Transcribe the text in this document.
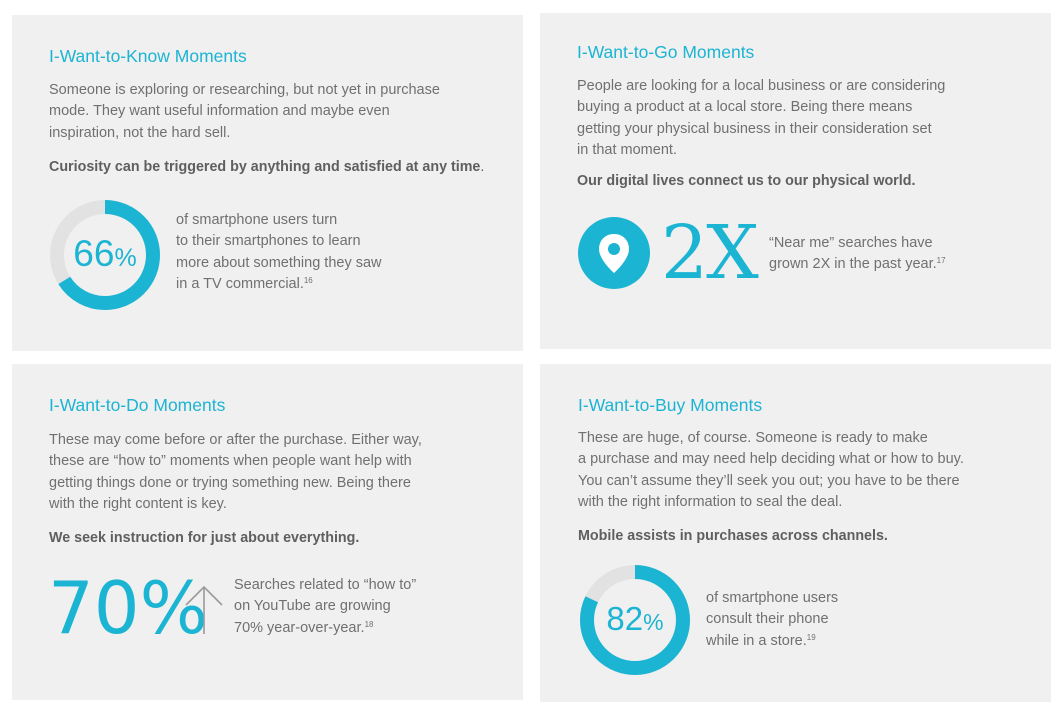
I-Want-to-Know Moments
Someone is exploring or researching, but not yet in purchase
mode. They want useful information and maybe even
inspiration, not the hard sell.
Curiosity can be triggered by anything and satisfied at any time.
66%
of smartphone users turn
to their smartphones to learn
more about something they saw
in a TV commercial.$^{16}$
I-Want-to-Go Moments
People are looking for a local business or are considering
buying a product at a local store. Being there means
getting your physical business in their consideration set
in that moment.
Our digital lives connect us to our physical world.
2X “Near me” searches have
grown 2X in the past year.$^{17}$
I-Want-to-Do Moments
These may come before or after the purchase. Either way,
these are “how to” moments when people want help with
getting things done or trying something new. Being there
with the right content is key.
We seek instruction for just about everything.
70% Searches related to “how to”
on YouTube are growing
70% year-over-year.$^{18}$
I-Want-to-Buy Moments
These are huge, of course. Someone is ready to make
a purchase and may need help deciding what or how to buy.
You can’t assume they’ll seek you out; you have to be there
with the right information to seal the deal.
Mobile assists in purchases across channels.
82%
of smartphone users
consult their phone
while in a store.$^{19}$
